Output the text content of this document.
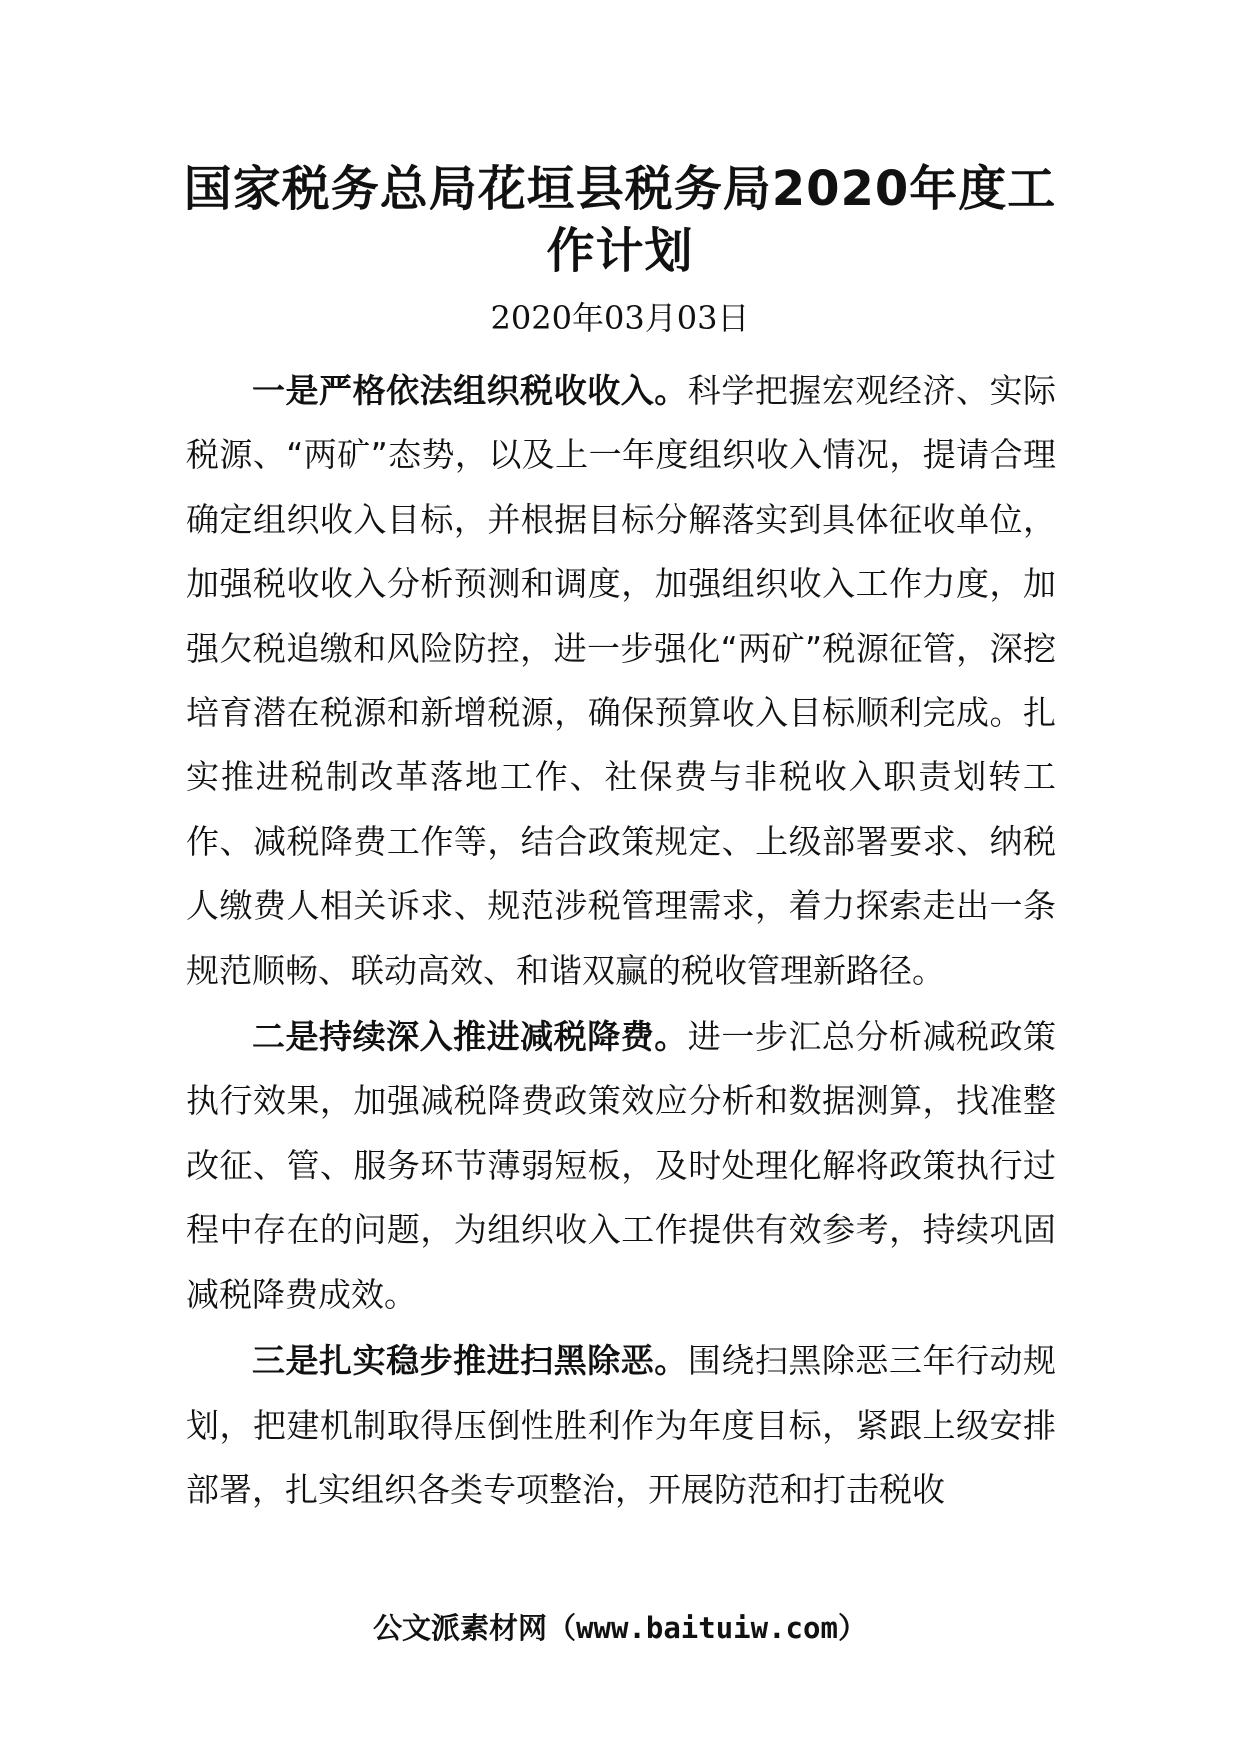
国家税务总局花垣县税务局2020年度工作计划

2020年03月03日

一是严格依法组织税收收入。科学把握宏观经济、实际税源、“两矿”态势，以及上一年度组织收入情况，提请合理确定组织收入目标，并根据目标分解落实到具体征收单位，加强税收收入分析预测和调度，加强组织收入工作力度，加强欠税追缴和风险防控，进一步强化“两矿”税源征管，深挖培育潜在税源和新增税源，确保预算收入目标顺利完成。扎实推进税制改革落地工作、社保费与非税收入职责划转工作、减税降费工作等，结合政策规定、上级部署要求、纳税人缴费人相关诉求、规范涉税管理需求，着力探索走出一条规范顺畅、联动高效、和谐双赢的税收管理新路径。

二是持续深入推进减税降费。进一步汇总分析减税政策执行效果，加强减税降费政策效应分析和数据测算，找准整改征、管、服务环节薄弱短板，及时处理化解将政策执行过程中存在的问题，为组织收入工作提供有效参考，持续巩固减税降费成效。

三是扎实稳步推进扫黑除恶。围绕扫黑除恶三年行动规划，把建机制取得压倒性胜利作为年度目标，紧跟上级安排部署，扎实组织各类专项整治，开展防范和打击税收

公文派素材网（www.baituiw.com）
